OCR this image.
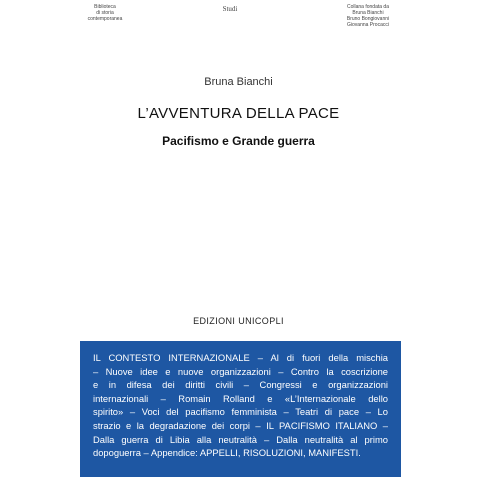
Biblioteca
di storia
contemporanea
Studi	Collana fondata da
Bruna Bianchi
Bruno Bongiovanni
Giovanna Procacci
Bruna Bianchi
L’AVVENTURA DELLA PACE
Pacifismo e Grande guerra
EDIZIONI UNICOPLI

IL CONTESTO INTERNAZIONALE – Al di fuori della mischia
– Nuove idee e nuove organizzazioni – Contro la coscrizione
e in difesa dei diritti civili – Congressi e organizzazioni
internazionali – Romain Rolland e «L’Internazionale dello
spirito» – Voci del pacifismo femminista – Teatri di pace – Lo
strazio e la degradazione dei corpi – IL PACIFISMO ITALIANO –
Dalla guerra di Libia alla neutralità – Dalla neutralità al primo
dopoguerra – Appendice: APPELLI, RISOLUZIONI, MANIFESTI.
